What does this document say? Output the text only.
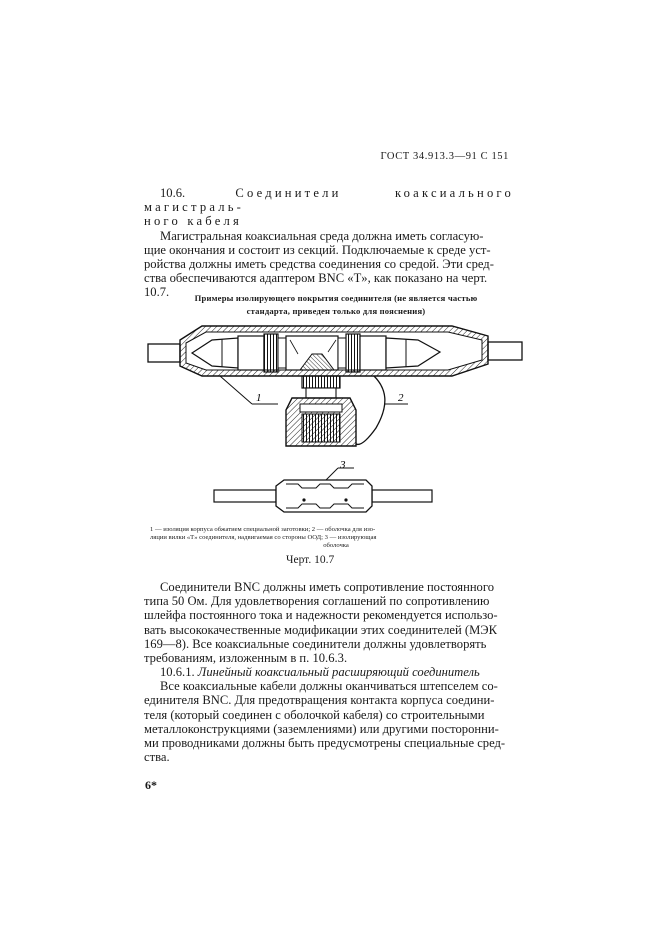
ГОСТ 34.913.3—91 С 151
10.6.	Соединители коаксиального магистраль-
ного кабеля
Магистральная коаксиальная среда должна иметь согласую-
щие окончания и состоит из секций. Подключаемые к среде уст-
ройства должны иметь средства соединения со средой. Эти сред-
ства обеспечиваются адаптером BNC «T», как показано на черт.
10.7.	Примеры изолирующего покрытия соединителя (не является частью
стандарта, приведен только для пояснения)
1	2
3
1 — изоляция корпуса обжатием специальной заготовки; 2 — оболочка для изо-
ляции вилки «T» соединителя, надвигаемая со стороны ООД; 3 — изолирующая
оболочка
Черт. 10.7
Соединители BNC должны иметь сопротивление постоянного
типа 50 Ом. Для удовлетворения соглашений по сопротивлению
шлейфа постоянного тока и надежности рекомендуется использо-
вать высококачественные модификации этих соединителей (МЭК
169—8). Все коаксиальные соединители должны удовлетворять
требованиям, изложенным в п. 10.6.3.
10.6.1. Линейный коаксиальный расширяющий соединитель
Все коаксиальные кабели должны оканчиваться штепселем со-
единителя BNC. Для предотвращения контакта корпуса соедини-
теля (который соединен с оболочкой кабеля) со строительными
металлоконструкциями (заземлениями) или другими посторонни-
ми проводниками должны быть предусмотрены специальные сред-
ства.
6*
